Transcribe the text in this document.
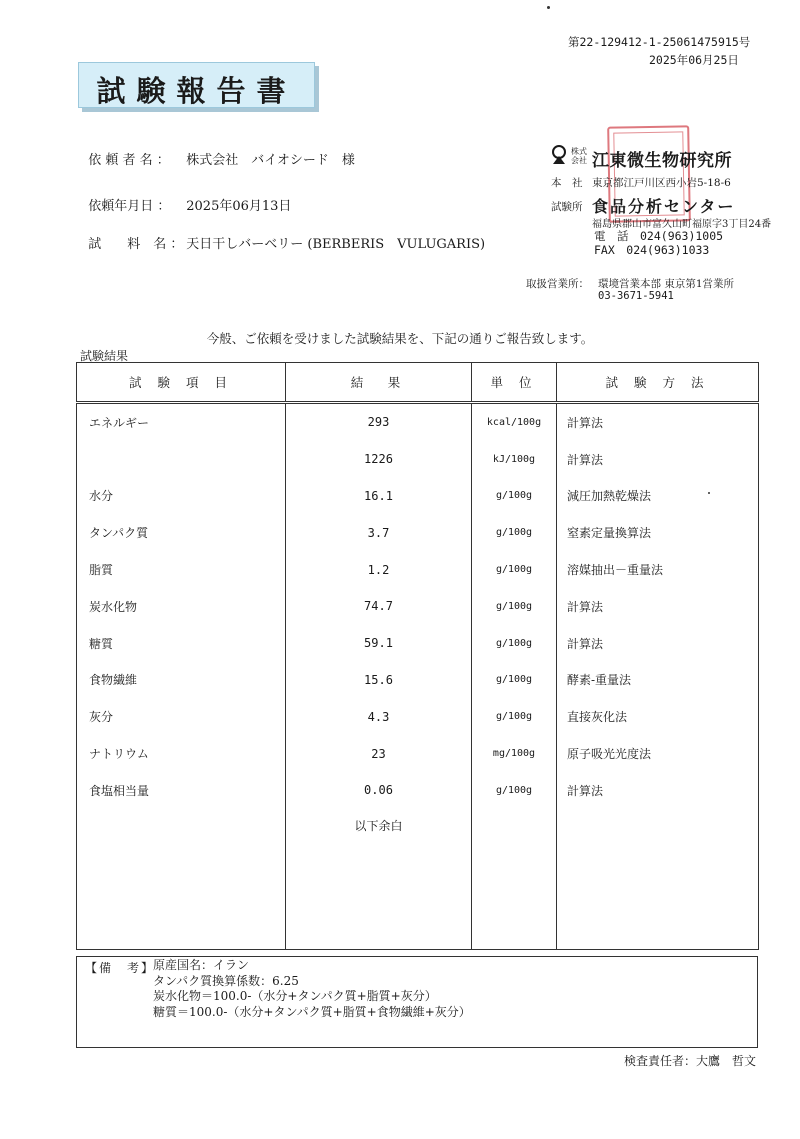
第22-129412-1-25061475915号
2025年06月25日
試験報告書

依 頼 者 名 ： 株式会社　バイオシード　様

依頼年月日 ： 2025年06月13日

試　　料　名 ： 天日干しバーベリー (BERBERIS　VULUGARIS)

株式
会社 江東微生物研究所
本　社 東京都江戸川区西小岩5-18-6
試験所 食品分析センター
福島県郡山市富久山町福原字3丁目24番
電　話　024(963)1005
FAX　024(963)1033
取扱営業所： 環境営業本部 東京第1営業所
03-3671-5941
今般、ご依頼を受けました試験結果を、下記の通りご報告致します。
試験結果
試 験 項 目	結　果	単 位	試 験 方 法
エネルギー	293	kcal/100g	計算法
	1226	kJ/100g	計算法
水分	16.1	g/100g	減圧加熱乾燥法
タンパク質	3.7	g/100g	窒素定量換算法
脂質	1.2	g/100g	溶媒抽出－重量法
炭水化物	74.7	g/100g	計算法
糖質	59.1	g/100g	計算法
食物繊維	15.6	g/100g	酵素-重量法
灰分	4.3	g/100g	直接灰化法
ナトリウム	23	mg/100g	原子吸光光度法
食塩相当量	0.06	g/100g	計算法
	以下余白		
【備　考】
原産国名：イラン
タンパク質換算係数：6.25
炭水化物＝100.0-（水分+タンパク質+脂質+灰分）
糖質＝100.0-（水分+タンパク質+脂質+食物繊維+灰分）
検査責任者：大鷹　哲文
